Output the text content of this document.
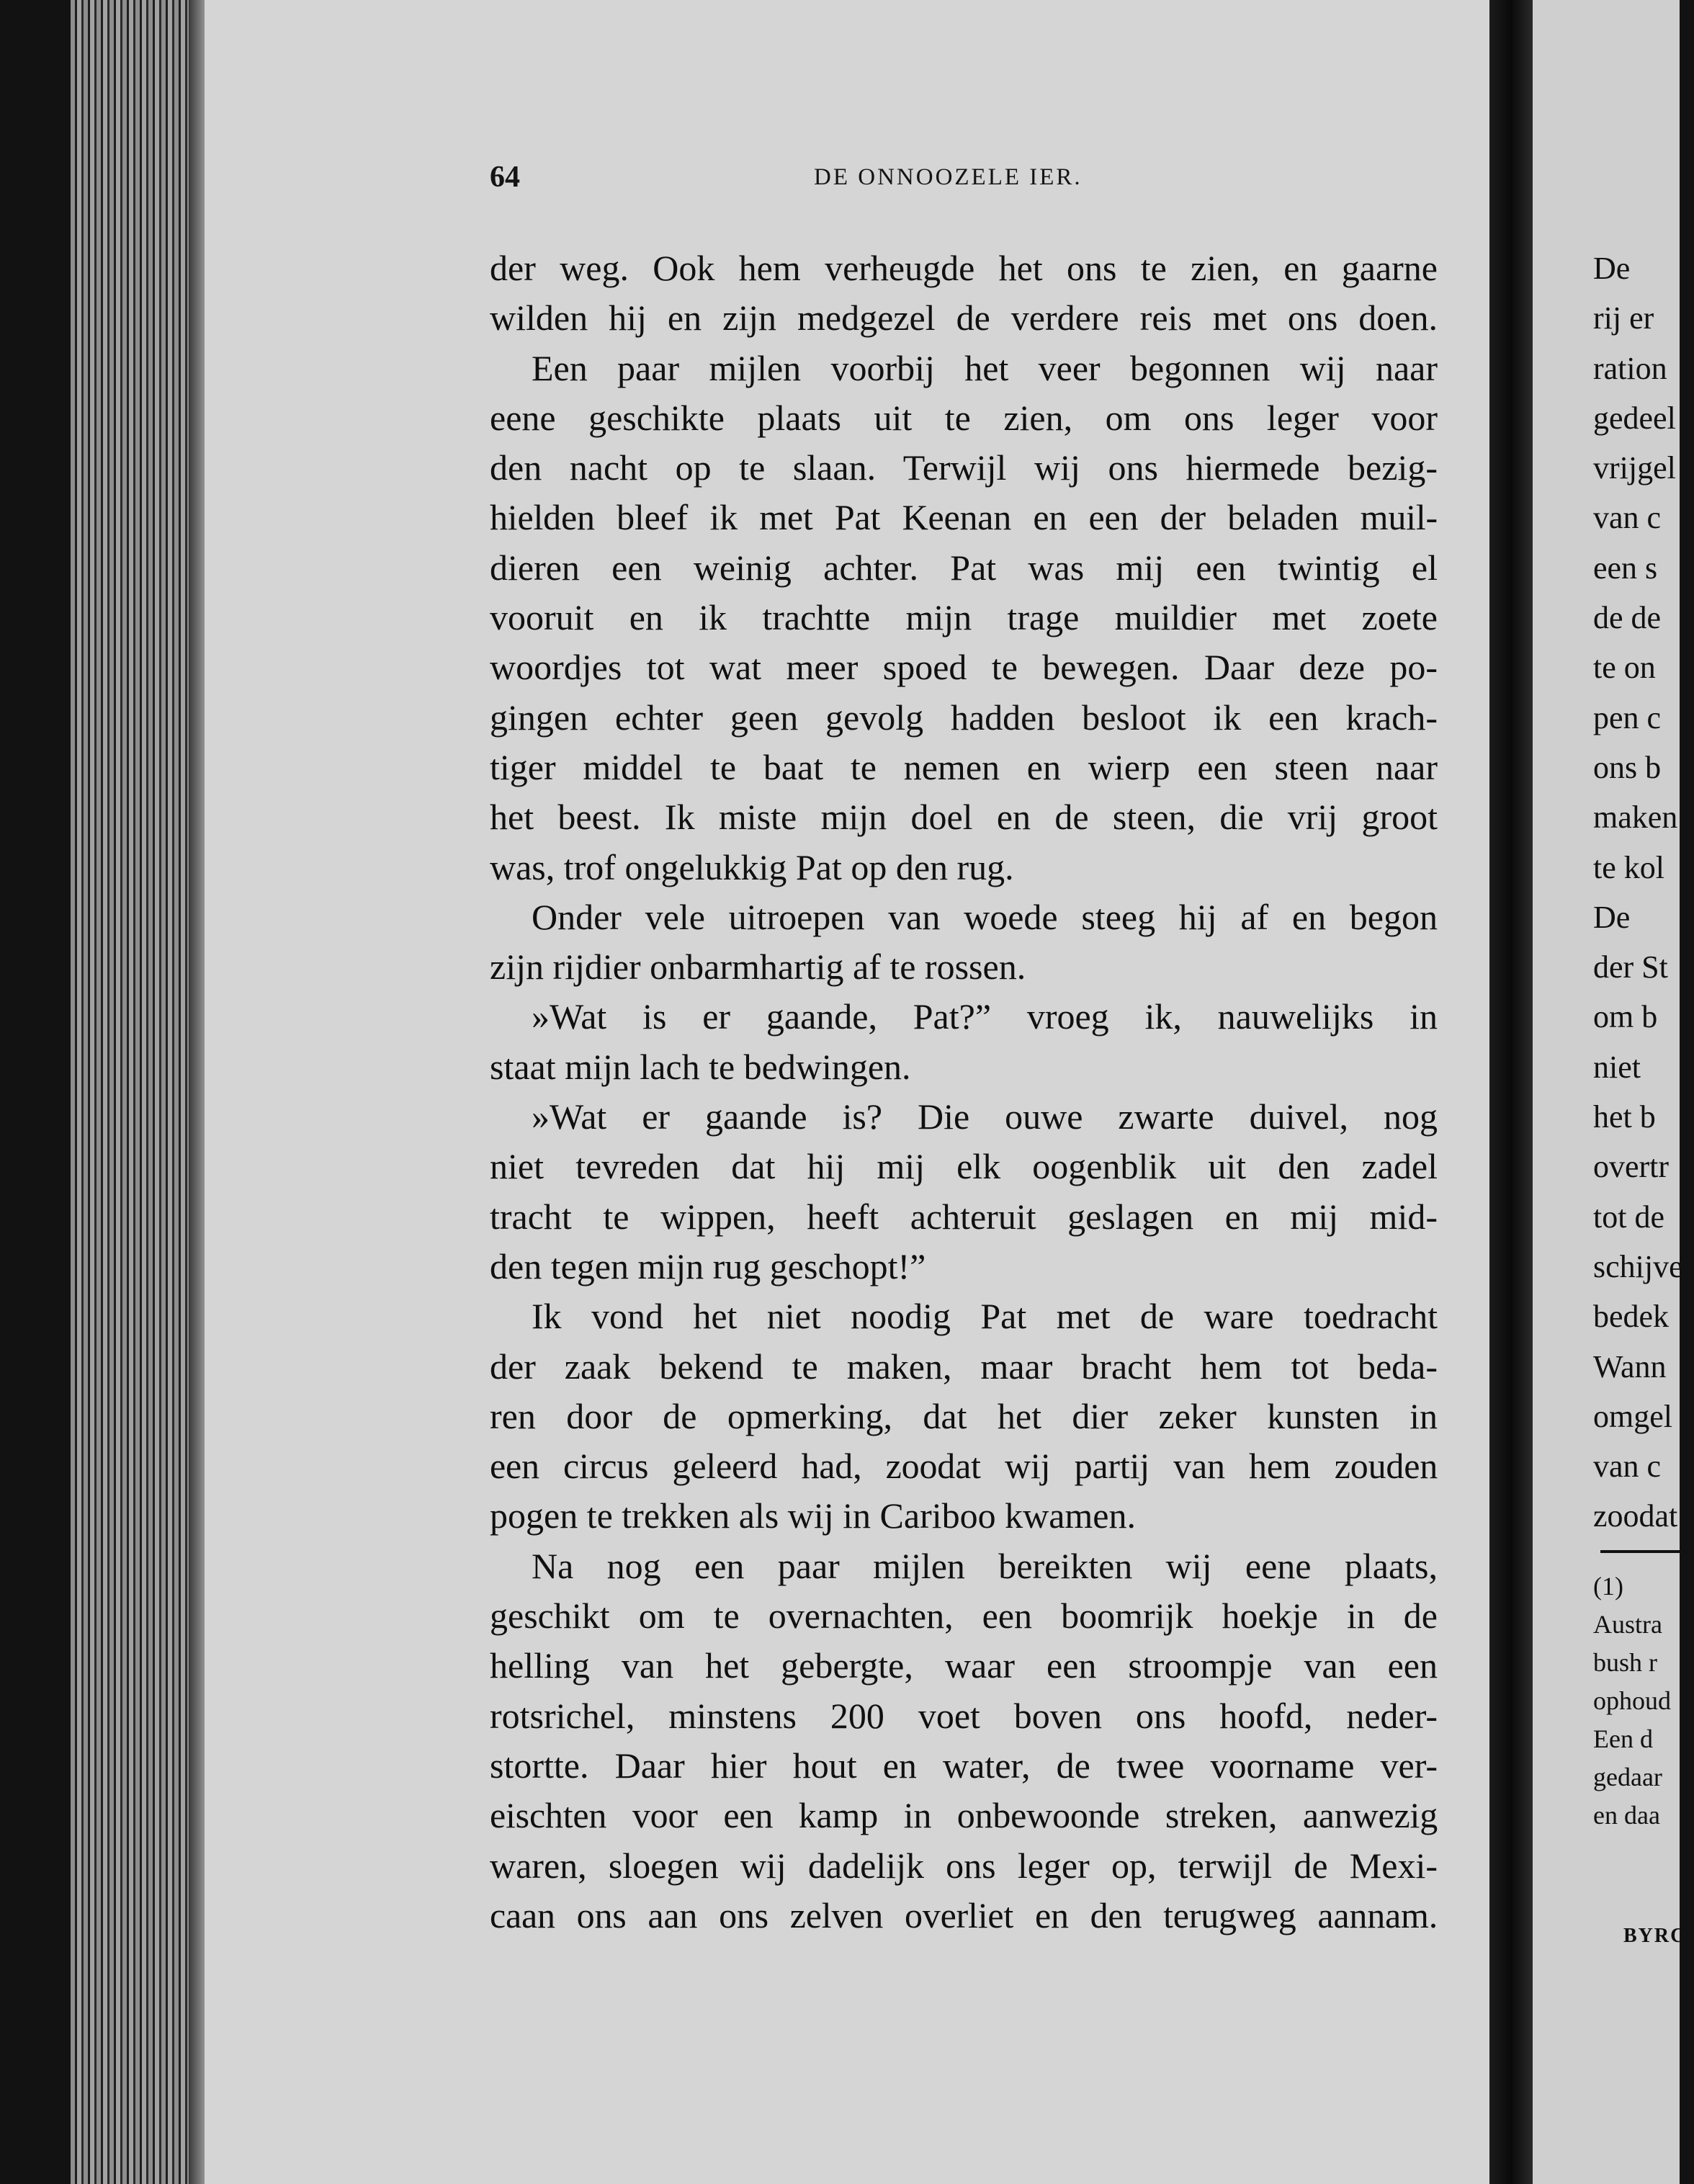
64	DE ONNOOZELE IER.
der weg. Ook hem verheugde het ons te zien, en gaarne
wilden hij en zijn medgezel de verdere reis met ons doen.
Een paar mijlen voorbij het veer begonnen wij naar
eene geschikte plaats uit te zien, om ons leger voor
den nacht op te slaan. Terwijl wij ons hiermede bezig-
hielden bleef ik met Pat Keenan en een der beladen muil-
dieren een weinig achter. Pat was mij een twintig el
vooruit en ik trachtte mijn trage muildier met zoete
woordjes tot wat meer spoed te bewegen. Daar deze po-
gingen echter geen gevolg hadden besloot ik een krach-
tiger middel te baat te nemen en wierp een steen naar
het beest. Ik miste mijn doel en de steen, die vrij groot
was, trof ongelukkig Pat op den rug.
Onder vele uitroepen van woede steeg hij af en begon
zijn rijdier onbarmhartig af te rossen.
»Wat is er gaande, Pat?” vroeg ik, nauwelijks in
staat mijn lach te bedwingen.
»Wat er gaande is? Die ouwe zwarte duivel, nog
niet tevreden dat hij mij elk oogenblik uit den zadel
tracht te wippen, heeft achteruit geslagen en mij mid-
den tegen mijn rug geschopt!”
Ik vond het niet noodig Pat met de ware toedracht
der zaak bekend te maken, maar bracht hem tot beda-
ren door de opmerking, dat het dier zeker kunsten in
een circus geleerd had, zoodat wij partij van hem zouden
pogen te trekken als wij in Cariboo kwamen.
Na nog een paar mijlen bereikten wij eene plaats,
geschikt om te overnachten, een boomrijk hoekje in de
helling van het gebergte, waar een stroompje van een
rotsrichel, minstens 200 voet boven ons hoofd, neder-
stortte. Daar hier hout en water, de twee voorname ver-
eischten voor een kamp in onbewoonde streken, aanwezig
waren, sloegen wij dadelijk ons leger op, terwijl de Mexi-
caan ons aan ons zelven overliet en den terugweg aannam.
De
rij er
ration
gedeel
vrijgel
van c
een s
de de
te on
pen c
ons b
maken
te kol
De
der St
om b
niet
het b
overtr
tot de
schijve
bedek
Wann
omgel
van c
zoodat
(1)
Austra
bush r
ophoud
Een d
gedaar
en daa
BYRC
